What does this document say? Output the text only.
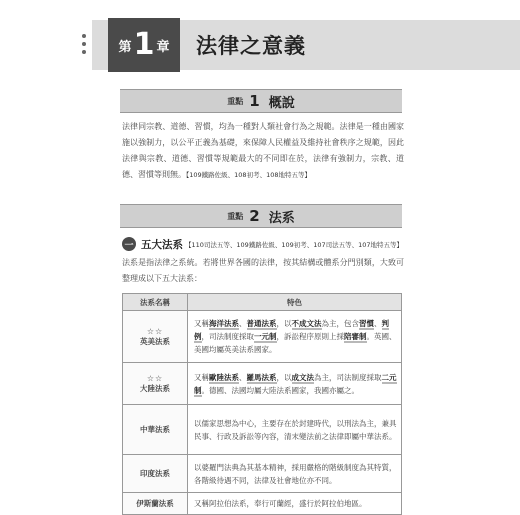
第 1 章 法律之意義
重點 1 概說
法律同宗教、道德、習慣，均為一種對人類社會行為之規範。法律是一種由國家施以強制力，以公平正義為基礎，來保障人民權益及維持社會秩序之規範，因此法律與宗教、道德、習慣等規範最大的不同即在於，法律有強制力，宗教、道德、習慣等則無。【109鐵路佐級、108初考、108地特五等】
重點 2 法系
一 五大法系 【110司法五等、109鐵路佐級、109初考、107司法五等、107地特五等】
法系是指法律之系統。若將世界各國的法律，按其結構或體系分門別類，大致可整理成以下五大法系：
法系名稱	特色

☆☆
英美法系	又稱海洋法系、普通法系，以不成文法為主，包含習慣、判例，司法制度採取一元制，訴訟程序原則上採陪審制。英國、美國均屬英美法系國家。

☆☆
大陸法系	又稱歐陸法系、羅馬法系，以成文法為主，司法制度採取二元制。德國、法國均屬大陸法系國家，我國亦屬之。
中華法系	以儒家思想為中心，主要存在於封建時代，以刑法為主，兼具民事、行政及訴訟等內容，清末變法前之法律即屬中華法系。
印度法系	以婆羅門法典為其基本精神，採用嚴格的階級制度為其特質，各階級待遇不同，法律及社會地位亦不同。
伊斯蘭法系	又稱阿拉伯法系，奉行可蘭經，盛行於阿拉伯地區。
